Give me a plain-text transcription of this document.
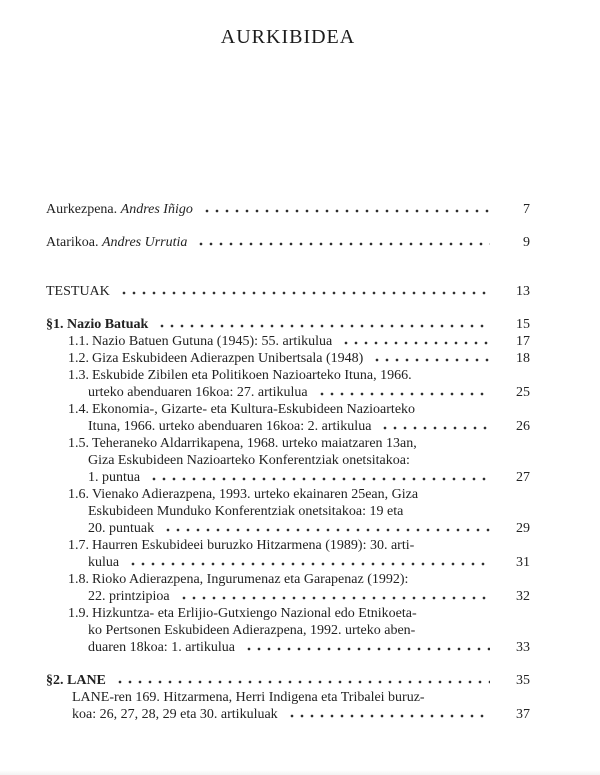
AURKIBIDEA
Aurkezpena. Andres Iñigo	7
Atarikoa. Andres Urrutia	9
TESTUAK	13
§1. Nazio Batuak	15
1.1. Nazio Batuen Gutuna (1945): 55. artikulua	17
1.2. Giza Eskubideen Adierazpen Unibertsala (1948)	18
1.3. Eskubide Zibilen eta Politikoen Nazioarteko Ituna, 1966.
urteko abenduaren 16koa: 27. artikulua	25
1.4. Ekonomia-, Gizarte- eta Kultura-Eskubideen Nazioarteko
Ituna, 1966. urteko abenduaren 16koa: 2. artikulua	26
1.5. Teheraneko Aldarrikapena, 1968. urteko maiatzaren 13an,
Giza Eskubideen Nazioarteko Konferentziak onetsitakoa:
1. puntua	27
1.6. Vienako Adierazpena, 1993. urteko ekainaren 25ean, Giza
Eskubideen Munduko Konferentziak onetsitakoa: 19 eta
20. puntuak	29
1.7. Haurren Eskubideei buruzko Hitzarmena (1989): 30. arti-
kulua	31
1.8. Rioko Adierazpena, Ingurumenaz eta Garapenaz (1992):
22. printzipioa	32
1.9. Hizkuntza- eta Erlijio-Gutxiengo Nazional edo Etnikoeta-
ko Pertsonen Eskubideen Adierazpena, 1992. urteko aben-
duaren 18koa: 1. artikulua	33
§2. LANE	35
LANE-ren 169. Hitzarmena, Herri Indigena eta Tribalei buruz-
koa: 26, 27, 28, 29 eta 30. artikuluak	37
